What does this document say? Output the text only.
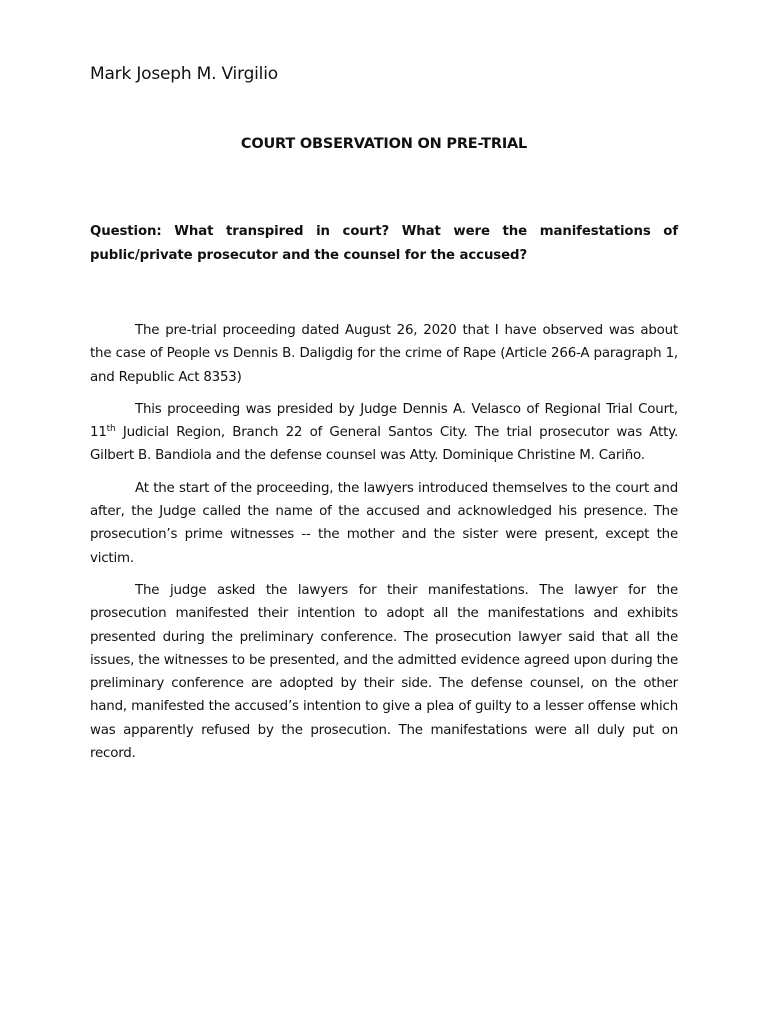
Mark Joseph M. Virgilio
COURT OBSERVATION ON PRE-TRIAL
Question: What transpired in court? What were the manifestations of public/private prosecutor and the counsel for the accused?

The pre-trial proceeding dated August 26, 2020 that I have observed was about the case of People vs Dennis B. Daligdig for the crime of Rape (Article 266-A paragraph 1, and Republic Act 8353)

This proceeding was presided by Judge Dennis A. Velasco of Regional Trial Court, 11th Judicial Region, Branch 22 of General Santos City. The trial prosecutor was Atty. Gilbert B. Bandiola and the defense counsel was Atty. Dominique Christine M. Cariño.

At the start of the proceeding, the lawyers introduced themselves to the court and after, the Judge called the name of the accused and acknowledged his presence. The prosecution’s prime witnesses -- the mother and the sister were present, except the victim.

The judge asked the lawyers for their manifestations. The lawyer for the prosecution manifested their intention to adopt all the manifestations and exhibits presented during the preliminary conference. The prosecution lawyer said that all the issues, the witnesses to be presented, and the admitted evidence agreed upon during the preliminary conference are adopted by their side. The defense counsel, on the other hand, manifested the accused’s intention to give a plea of guilty to a lesser offense which was apparently refused by the prosecution. The manifestations were all duly put on record.
